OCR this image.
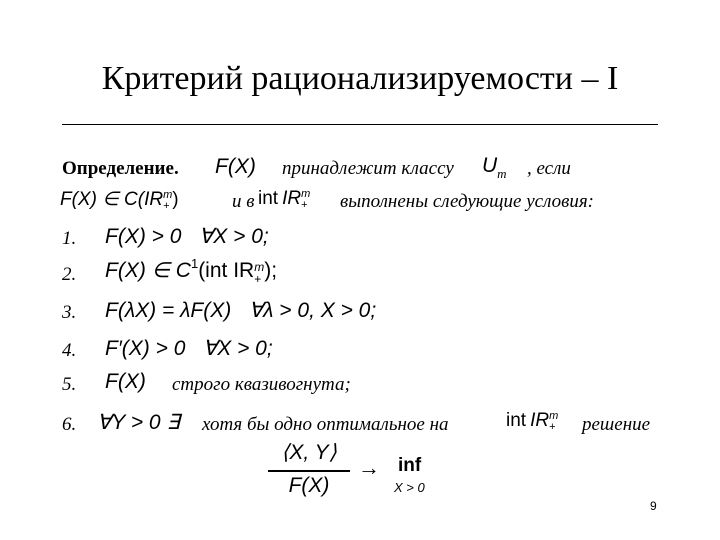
Критерий рационализируемости – I
Определение. F(X) принадлежит классу $U_m$ , если
F(X) ∈ C(IR m
+ )	и в int IR m
+ выполнены следующие условия:
1. F(X) > 0   ∀X > 0;
2. F(X) ∈ $C^1(int$ IR m
+ );
3. F(λX) = λF(X)   ∀λ > 0, X > 0;
4. F′(X) > 0   ∀X > 0;
5. F(X) строго квазивогнута;
6. ∀Y > 0 ∃ хотя бы одно оптимальное на	int IR m
+ решение
⟨X, Y⟩
F(X)
→ inf
X > 0
9
